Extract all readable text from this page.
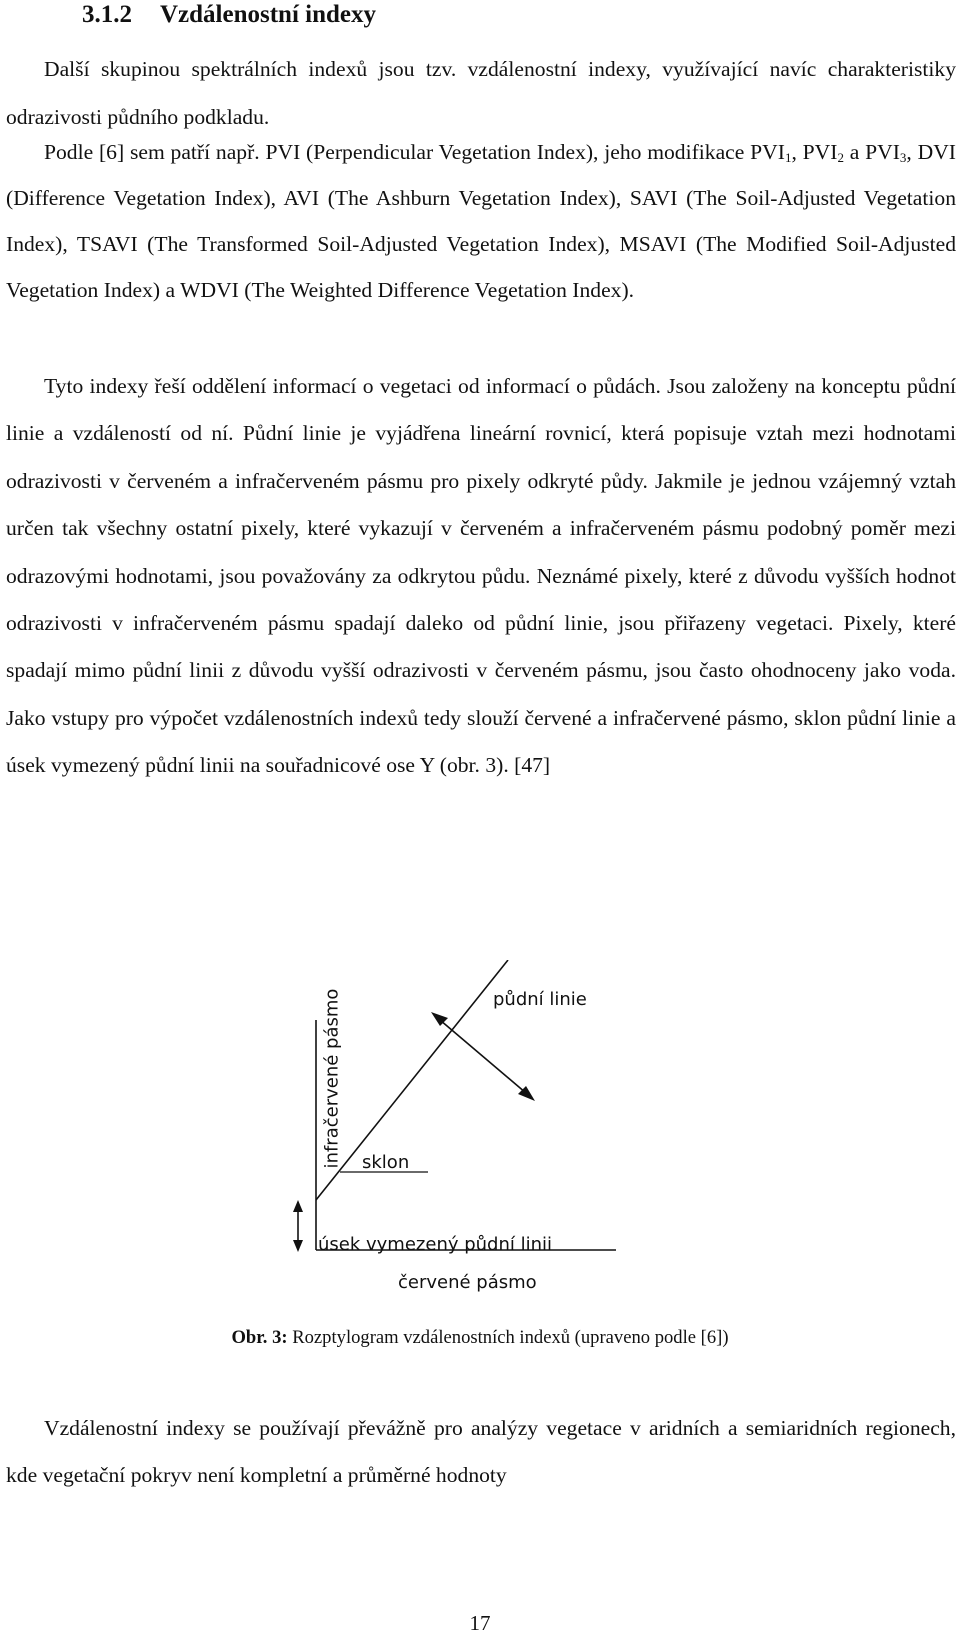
3.1.2 Vzdálenostní indexy
Další skupinou spektrálních indexů jsou tzv. vzdálenostní indexy, využívající navíc charakteristiky odrazivosti půdního podkladu.
Podle [6] sem patří např. PVI (Perpendicular Vegetation Index), jeho modifikace $PVI_1$, $PVI_2$ a $PVI_3$, DVI (Difference Vegetation Index), AVI (The Ashburn Vegetation Index), SAVI (The Soil-Adjusted Vegetation Index), TSAVI (The Transformed Soil-Adjusted Vegetation Index), MSAVI (The Modified Soil-Adjusted Vegetation Index) a WDVI (The Weighted Difference Vegetation Index).
Tyto indexy řeší oddělení informací o vegetaci od informací o půdách. Jsou založeny na konceptu půdní linie a vzdáleností od ní. Půdní linie je vyjádřena lineární rovnicí, která popisuje vztah mezi hodnotami odrazivosti v červeném a infračerveném pásmu pro pixely odkryté půdy. Jakmile je jednou vzájemný vztah určen tak všechny ostatní pixely, které vykazují v červeném a infračerveném pásmu podobný poměr mezi odrazovými hodnotami, jsou považovány za odkrytou půdu. Neznámé pixely, které z důvodu vyšších hodnot odrazivosti v infračerveném pásmu spadají daleko od půdní linie, jsou přiřazeny vegetaci. Pixely, které spadají mimo půdní linii z důvodu vyšší odrazivosti v červeném pásmu, jsou často ohodnoceny jako voda. Jako vstupy pro výpočet vzdálenostních indexů tedy slouží červené a infračervené pásmo, sklon půdní linie a úsek vymezený půdní linii na souřadnicové ose Y (obr. 3). [47]
půdní linie
sklon
úsek vymezený půdní linii
červené pásmo
infračervené pásmo
Obr. 3: Rozptylogram vzdálenostních indexů (upraveno podle [6])
Vzdálenostní indexy se používají převážně pro analýzy vegetace v aridních a semiaridních regionech, kde vegetační pokryv není kompletní a průměrné hodnoty
17
